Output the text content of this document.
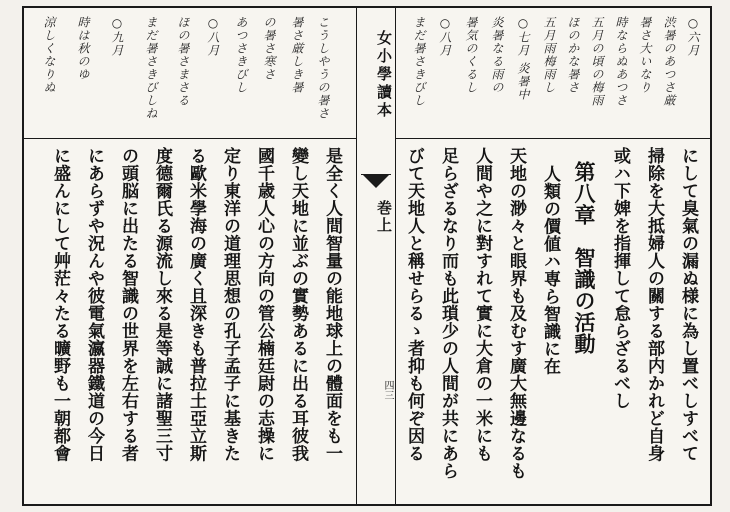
こうしやうの暑さ
暑さ厳しき暑
の暑さ寒さ
あつさきびし
○八月
ほの暑さまさる
まだ暑さきびしね
○九月
時は秋のゆ
涼しくなりぬ
是全く人間智量の能地球上の體面をも一
變し天地に並ぶの實勢あるに出る耳彼我
國千歳人心の方向の管公楠廷尉の志操に
定り東洋の道理思想の孔子孟子に基きた
る歐米學海の廣く且深きも普拉土亞立斯
度德爾氏る源流し來る是等誠に諸聖三寸
の頭脳に出たる智識の世界を左右する者
にあらずや況んや彼電氣瀛器鐵道の今日
に盛んにして艸茫々たる曠野も一朝都會
女小學讀本
巻上
四三
○六月
渋暑のあつさ厳
暑さ大いなり
時ならぬあつさ
五月の頃の梅雨
ほのかな暑さ
五月雨梅雨し
○七月 炎暑中
炎暑なる雨の
暑気のくるし
○八月
まだ暑さきびし
にして臭氣の漏ぬ様に為し置べしすべて
掃除を大抵婦人の關する部内かれど自身
或ハ下婢を指揮して怠らざるべし
第八章　智識の活動
人類の價値ハ専ら智識に在
天地の渺々と眼界も及むす廣大無邊なるも
人間や之に對すれて實に大倉の一米にも
足らざるなり而も此瑣少の人間が共にあら
びて天地人と稱せらるゝ者抑も何ぞ因る
